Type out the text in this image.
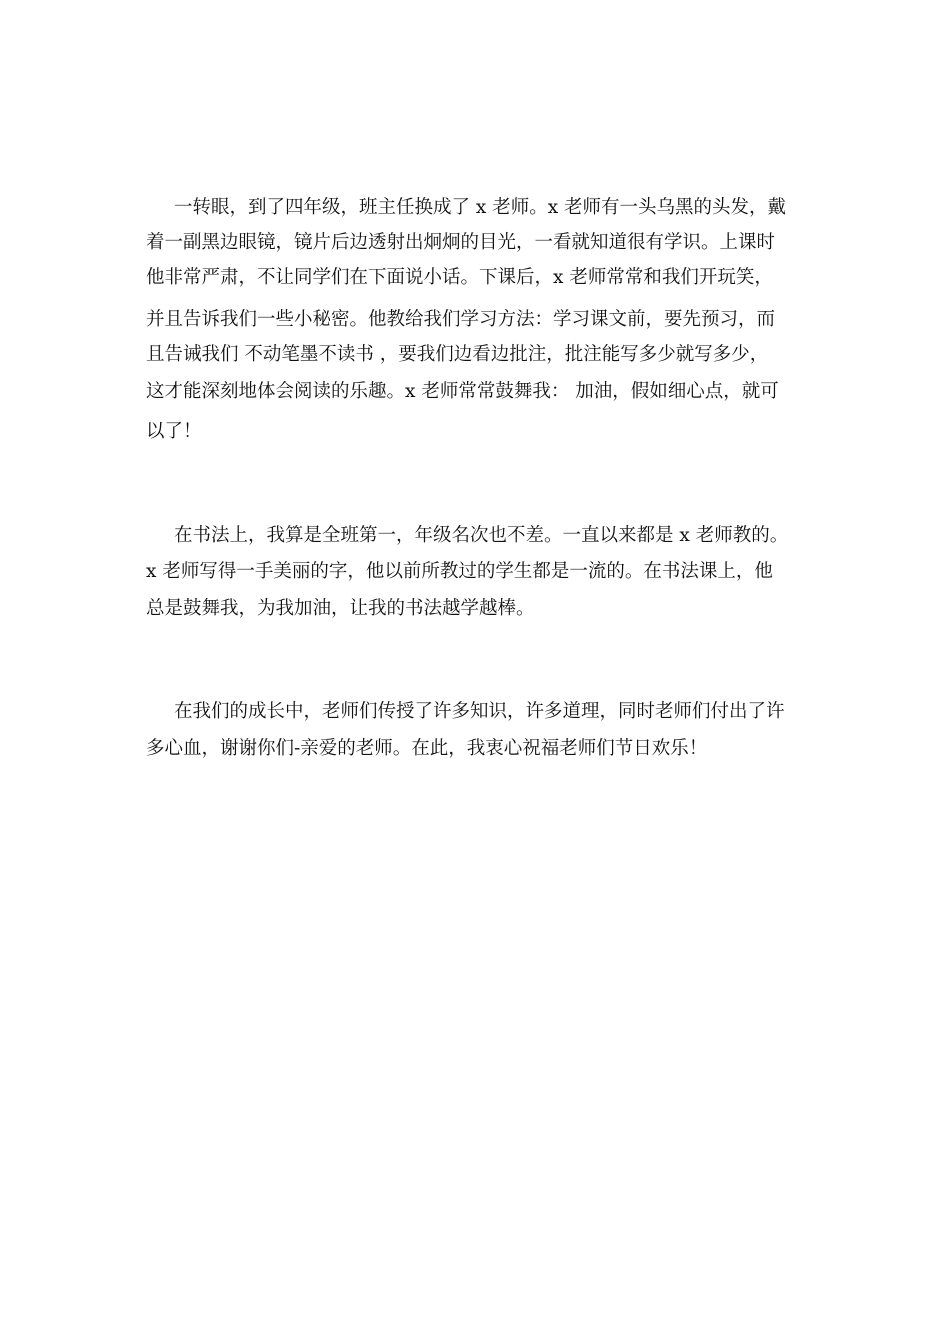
一转眼，到了四年级，班主任换成了 x 老师。x 老师有一头乌黑的头发，戴
着一副黑边眼镜，镜片后边透射出炯炯的目光，一看就知道很有学识。上课时
他非常严肃，不让同学们在下面说小话。下课后，x 老师常常和我们开玩笑，
并且告诉我们一些小秘密。他教给我们学习方法：学习课文前，要先预习，而
且告诫我们 不动笔墨不读书 ，要我们边看边批注，批注能写多少就写多少，
这才能深刻地体会阅读的乐趣。x 老师常常鼓舞我： 加油，假如细心点，就可
以了！
在书法上，我算是全班第一，年级名次也不差。一直以来都是 x 老师教的。
x 老师写得一手美丽的字，他以前所教过的学生都是一流的。在书法课上，他
总是鼓舞我，为我加油，让我的书法越学越棒。
在我们的成长中，老师们传授了许多知识，许多道理，同时老师们付出了许
多心血，谢谢你们-亲爱的老师。在此，我衷心祝福老师们节日欢乐！
